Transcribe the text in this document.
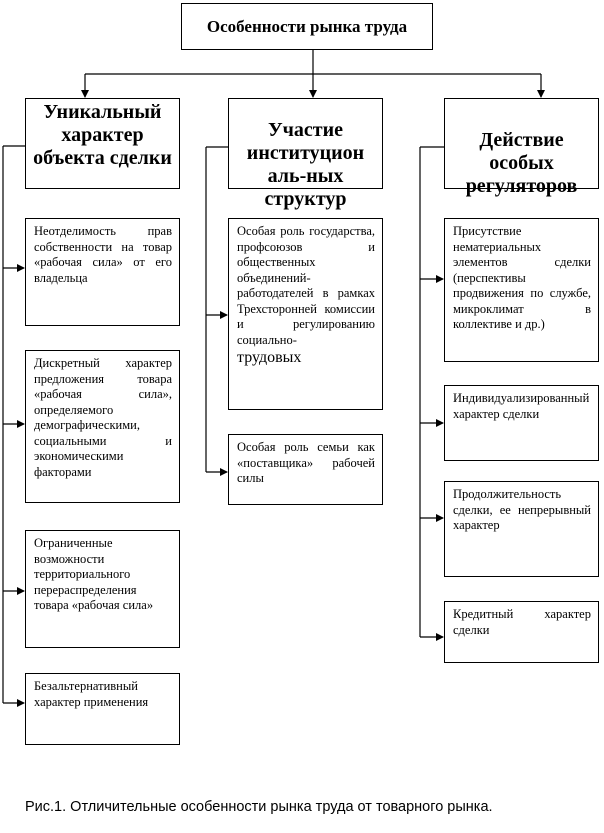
Особенности рынка труда
Уникальный характер объекта сделки
Участие институцион аль-ных структур
Действие особых регуляторов
Неотделимость прав собственности на товар «рабочая сила» от его владельца
Дискретный характер предложения товара «рабочая сила», определяемого демографическими, социальными и экономическими факторами
Ограниченные возможности территориального перераспределения товара «рабочая сила»
Безальтернативный характер применения
Особая роль государства, профсоюзов и общественных объединений-работодателей в рамках Трехсторонней комиссии и регулированию социально-
трудовых
Особая роль семьи как «поставщика» рабочей силы
Присутствие нематериальных элементов сделки (перспективы продвижения по службе, микроклимат в коллективе и др.)
Индивидуализированный характер сделки
Продолжительность сделки, ее непрерывный характер
Кредитный характер сделки
Рис.1. Отличительные особенности рынка труда от товарного рынка.
